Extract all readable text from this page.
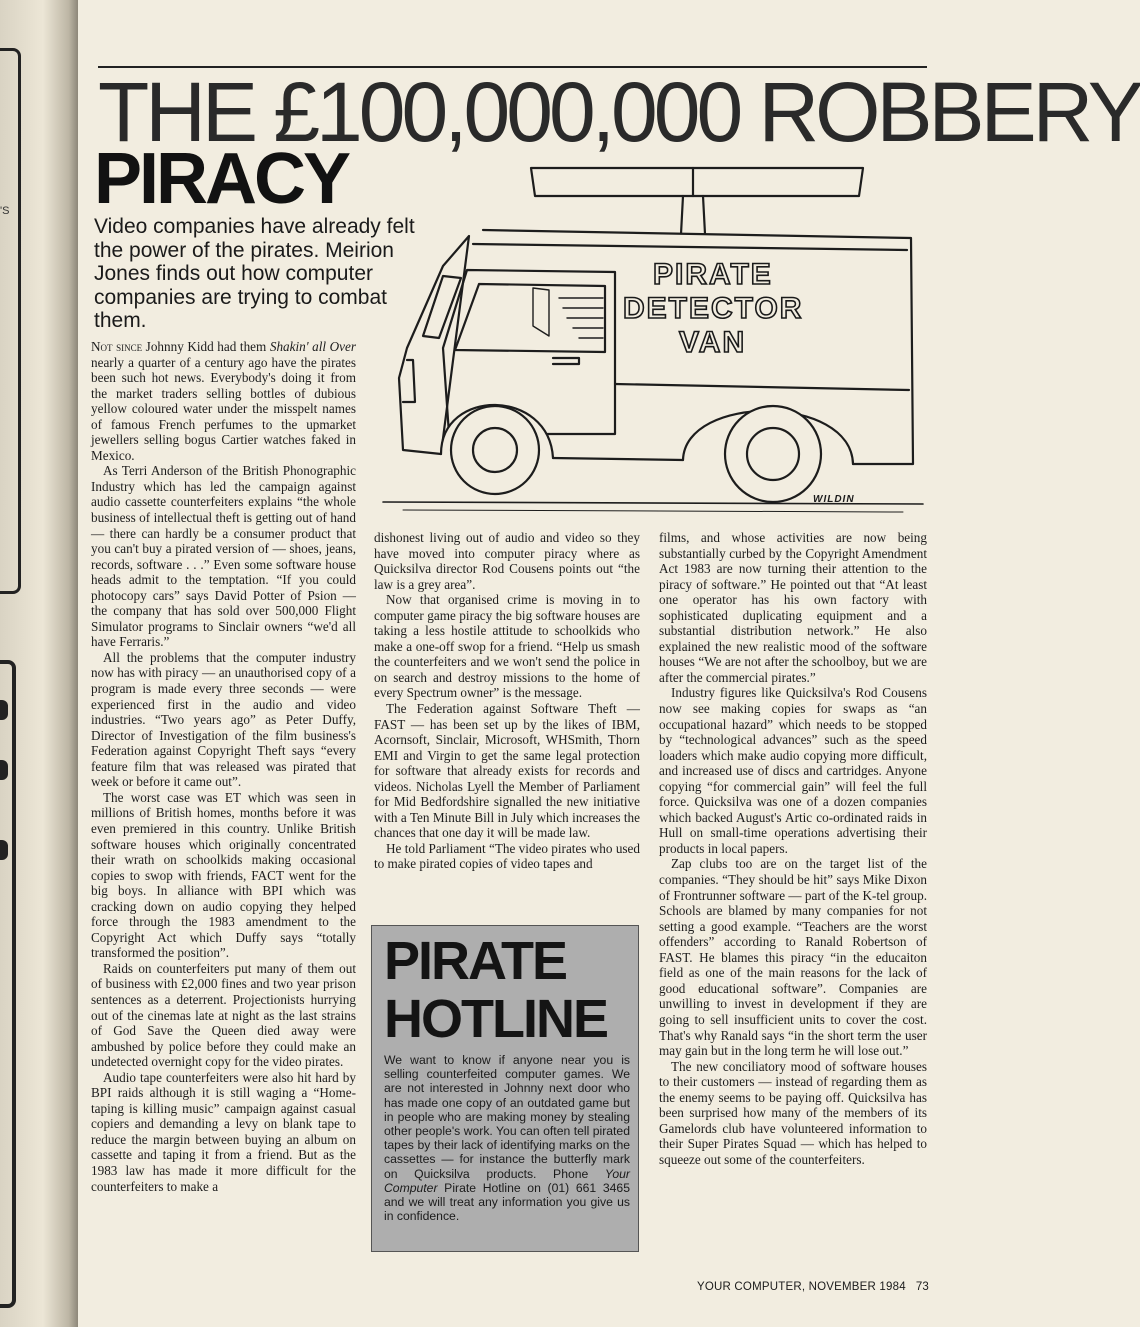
'S
THE £100,000,000 ROBBERY
PIRACY
Video companies have already felt the power of the pirates. Meirion Jones finds out how computer companies are trying to combat them.
PIRATE
DETECTOR
VAN
WILDIN

Not since Johnny Kidd had them Shakin' all Over nearly a quarter of a century ago have the pirates been such hot news. Everybody's doing it from the market traders selling bottles of dubious yellow coloured water under the misspelt names of famous French perfumes to the upmarket jewellers selling bogus Cartier watches faked in Mexico.

As Terri Anderson of the British Phonographic Industry which has led the campaign against audio cassette counterfeiters explains “the whole business of intellectual theft is getting out of hand — there can hardly be a consumer product that you can't buy a pirated version of — shoes, jeans, records, software . . .” Even some software house heads admit to the temptation. “If you could photocopy cars” says David Potter of Psion — the company that has sold over 500,000 Flight Simulator programs to Sinclair owners “we'd all have Ferraris.”

All the problems that the computer industry now has with piracy — an unauthorised copy of a program is made every three seconds — were experienced first in the audio and video industries. “Two years ago” as Peter Duffy, Director of Investigation of the film business's Federation against Copyright Theft says “every feature film that was released was pirated that week or before it came out”.

The worst case was ET which was seen in millions of British homes, months before it was even premiered in this country. Unlike British software houses which originally concentrated their wrath on schoolkids making occasional copies to swop with friends, FACT went for the big boys. In alliance with BPI which was cracking down on audio copying they helped force through the 1983 amendment to the Copyright Act which Duffy says “totally transformed the position”.

Raids on counterfeiters put many of them out of business with £2,000 fines and two year prison sentences as a deterrent. Projectionists hurrying out of the cinemas late at night as the last strains of God Save the Queen died away were ambushed by police before they could make an undetected overnight copy for the video pirates.

Audio tape counterfeiters were also hit hard by BPI raids although it is still waging a “Home-taping is killing music” campaign against casual copiers and demanding a levy on blank tape to reduce the margin between buying an album on cassette and taping it from a friend. But as the 1983 law has made it more difficult for the counterfeiters to make a

dishonest living out of audio and video so they have moved into computer piracy where as Quicksilva director Rod Cousens points out “the law is a grey area”.

Now that organised crime is moving in to computer game piracy the big software houses are taking a less hostile attitude to schoolkids who make a one-off swop for a friend. “Help us smash the counterfeiters and we won't send the police in on search and destroy missions to the home of every Spectrum owner” is the message.

The Federation against Software Theft — FAST — has been set up by the likes of IBM, Acornsoft, Sinclair, Microsoft, WHSmith, Thorn EMI and Virgin to get the same legal protection for software that already exists for records and videos. Nicholas Lyell the Member of Parliament for Mid Bedfordshire signalled the new initiative with a Ten Minute Bill in July which increases the chances that one day it will be made law.

He told Parliament “The video pirates who used to make pirated copies of video tapes and

PIRATE
HOTLINE
We want to know if anyone near you is selling counterfeited computer games. We are not interested in Johnny next door who has made one copy of an outdated game but in people who are making money by stealing other people's work. You can often tell pirated tapes by their lack of identifying marks on the cassettes — for instance the butterfly mark on Quicksilva products. Phone Your Computer Pirate Hotline on (01) 661 3465 and we will treat any information you give us in confidence.

films, and whose activities are now being substantially curbed by the Copyright Amendment Act 1983 are now turning their attention to the piracy of software.” He pointed out that “At least one operator has his own factory with sophisticated duplicating equipment and a substantial distribution network.” He also explained the new realistic mood of the software houses “We are not after the schoolboy, but we are after the commercial pirates.”

Industry figures like Quicksilva's Rod Cousens now see making copies for swaps as “an occupational hazard” which needs to be stopped by “technological advances” such as the speed loaders which make audio copying more difficult, and increased use of discs and cartridges. Anyone copying “for commercial gain” will feel the full force. Quicksilva was one of a dozen companies which backed August's Artic co-ordinated raids in Hull on small-time operations advertising their products in local papers.

Zap clubs too are on the target list of the companies. “They should be hit” says Mike Dixon of Frontrunner software — part of the K-tel group. Schools are blamed by many companies for not setting a good example. “Teachers are the worst offenders” according to Ranald Robertson of FAST. He blames this piracy “in the educaiton field as one of the main reasons for the lack of good educational software”. Companies are unwilling to invest in development if they are going to sell insufficient units to cover the cost. That's why Ranald says “in the short term the user may gain but in the long term he will lose out.”

The new conciliatory mood of software houses to their customers — instead of regarding them as the enemy seems to be paying off. Quicksilva has been surprised how many of the members of its Gamelords club have volunteered information to their Super Pirates Squad — which has helped to squeeze out some of the counterfeiters.

YOUR COMPUTER, NOVEMBER 1984 73
